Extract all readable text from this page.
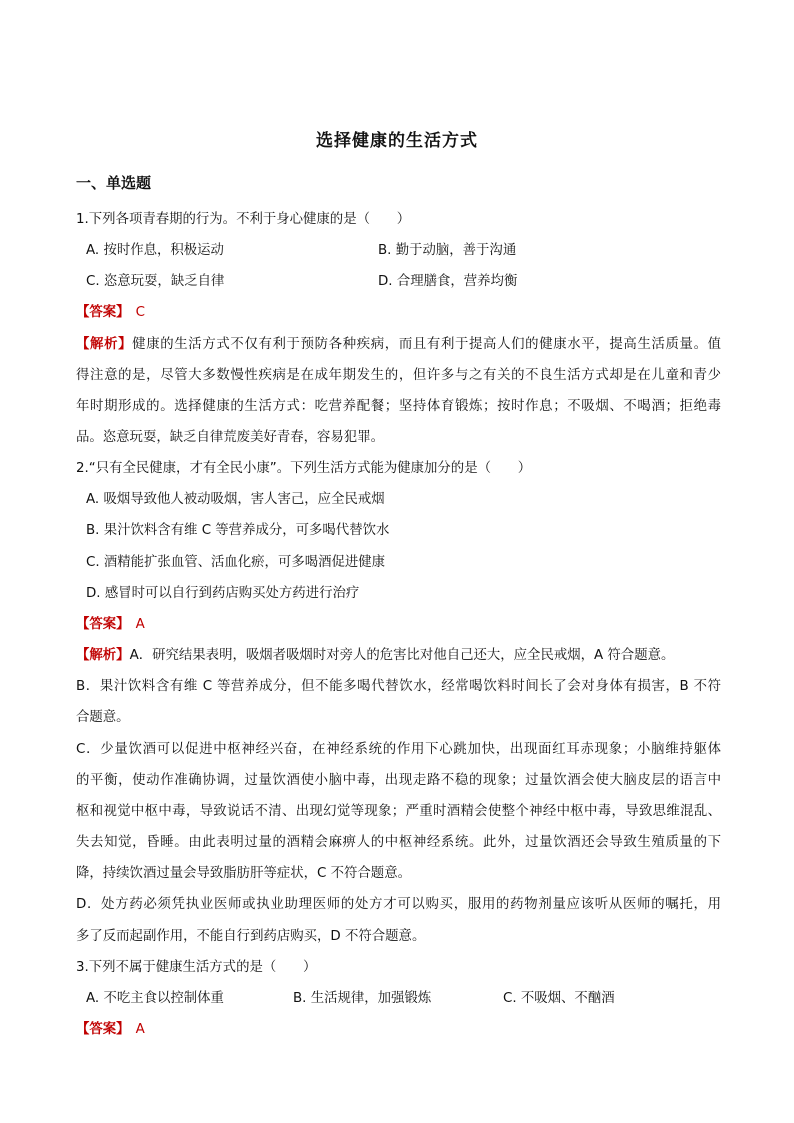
选择健康的生活方式
一、单选题
1.下列各项青春期的行为。不利于身心健康的是（　　）
A. 按时作息，积极运动	B. 勤于动脑，善于沟通
C. 恣意玩耍，缺乏自律	D. 合理膳食，营养均衡
【答案】 C
【解析】健康的生活方式不仅有利于预防各种疾病，而且有利于提高人们的健康水平，提高生活质量。值
得注意的是，尽管大多数慢性疾病是在成年期发生的，但许多与之有关的不良生活方式却是在儿童和青少
年时期形成的。选择健康的生活方式：吃营养配餐；坚持体育锻炼；按时作息；不吸烟、不喝酒；拒绝毒
品。恣意玩耍，缺乏自律荒废美好青春，容易犯罪。
2.“只有全民健康，才有全民小康”。下列生活方式能为健康加分的是（　　）
A. 吸烟导致他人被动吸烟，害人害己，应全民戒烟
B. 果汁饮料含有维 C 等营养成分，可多喝代替饮水
C. 酒精能扩张血管、活血化瘀，可多喝酒促进健康
D. 感冒时可以自行到药店购买处方药进行治疗
【答案】 A
【解析】A．研究结果表明，吸烟者吸烟时对旁人的危害比对他自己还大，应全民戒烟，A 符合题意。
B．果汁饮料含有维 C 等营养成分，但不能多喝代替饮水，经常喝饮料时间长了会对身体有损害，B 不符
合题意。
C．少量饮酒可以促进中枢神经兴奋，在神经系统的作用下心跳加快，出现面红耳赤现象；小脑维持躯体
的平衡，使动作准确协调，过量饮酒使小脑中毒，出现走路不稳的现象；过量饮酒会使大脑皮层的语言中
枢和视觉中枢中毒，导致说话不清、出现幻觉等现象；严重时酒精会使整个神经中枢中毒，导致思维混乱、
失去知觉，昏睡。由此表明过量的酒精会麻痹人的中枢神经系统。此外，过量饮酒还会导致生殖质量的下
降，持续饮酒过量会导致脂肪肝等症状，C 不符合题意。
D．处方药必须凭执业医师或执业助理医师的处方才可以购买，服用的药物剂量应该听从医师的嘱托，用
多了反而起副作用，不能自行到药店购买，D 不符合题意。
3.下列不属于健康生活方式的是（　　）
A. 不吃主食以控制体重	B. 生活规律，加强锻炼	C. 不吸烟、不酗酒
【答案】 A
